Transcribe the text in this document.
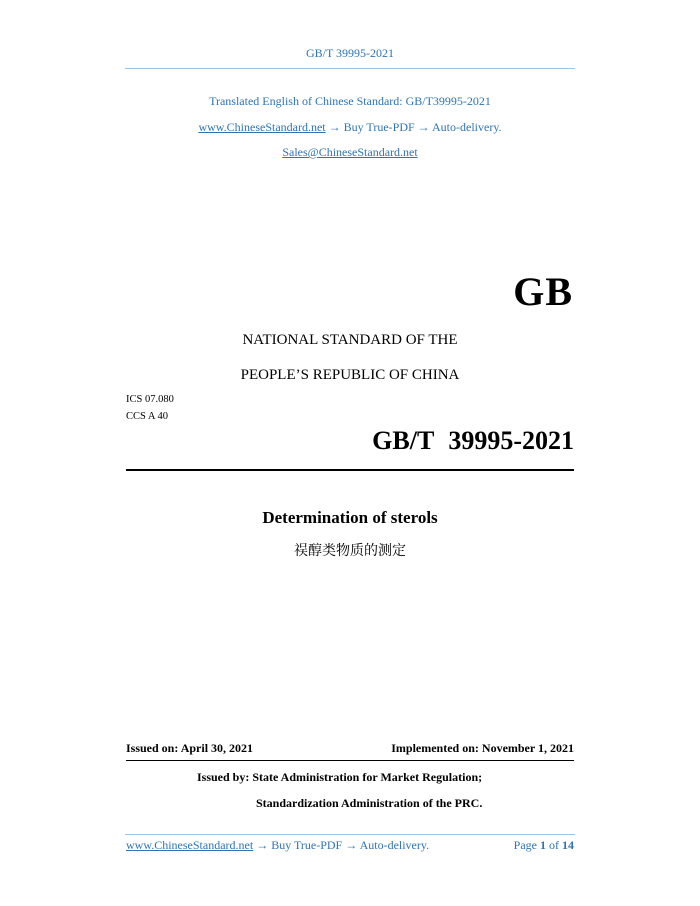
GB/T 39995-2021
Translated English of Chinese Standard: GB/T39995-2021
www.ChineseStandard.net → Buy True-PDF → Auto-delivery.
Sales@ChineseStandard.net
GB
NATIONAL STANDARD OF THE
PEOPLE’S REPUBLIC OF CHINA
ICS 07.080
CCS A 40
GB/T 39995-2021
Determination of sterols
祦醇类物质的测定
Issued on: April 30, 2021	Implemented on: November 1, 2021
Issued by: State Administration for Market Regulation;
Standardization Administration of the PRC.
www.ChineseStandard.net → Buy True-PDF → Auto-delivery.	Page 1 of 14
